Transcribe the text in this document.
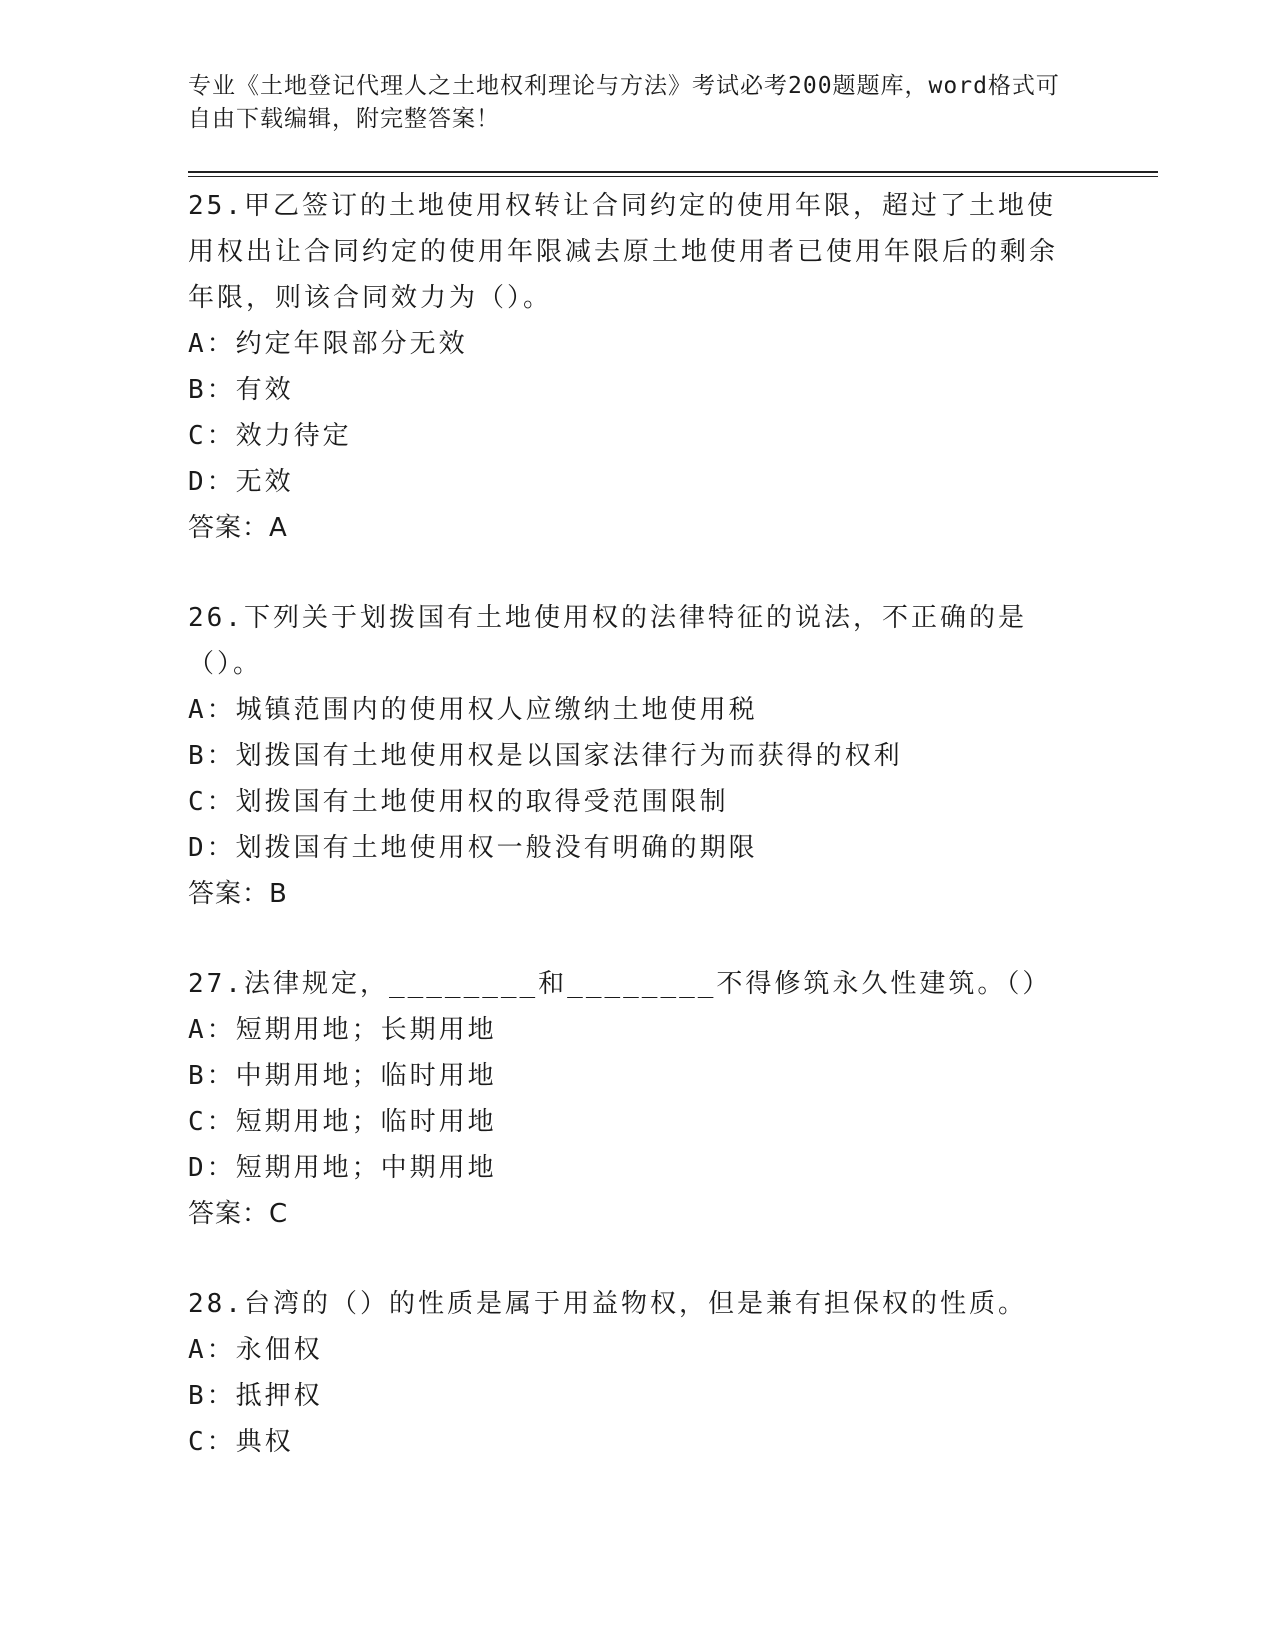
专业《土地登记代理人之土地权利理论与方法》考试必考200题题库，word格式可自由下载编辑，附完整答案！

25.甲乙签订的土地使用权转让合同约定的使用年限，超过了土地使用权出让合同约定的使用年限减去原土地使用者已使用年限后的剩余年限，则该合同效力为（）。

A：约定年限部分无效

B：有效

C：效力待定

D：无效

答案：A

26.下列关于划拨国有土地使用权的法律特征的说法，不正确的是（）。

A：城镇范围内的使用权人应缴纳土地使用税

B：划拨国有土地使用权是以国家法律行为而获得的权利

C：划拨国有土地使用权的取得受范围限制

D：划拨国有土地使用权一般没有明确的期限

答案：B

27.法律规定，________和________不得修筑永久性建筑。（）

A：短期用地；长期用地

B：中期用地；临时用地

C：短期用地；临时用地

D：短期用地；中期用地

答案：C

28.台湾的（）的性质是属于用益物权，但是兼有担保权的性质。

A：永佃权

B：抵押权

C：典权
